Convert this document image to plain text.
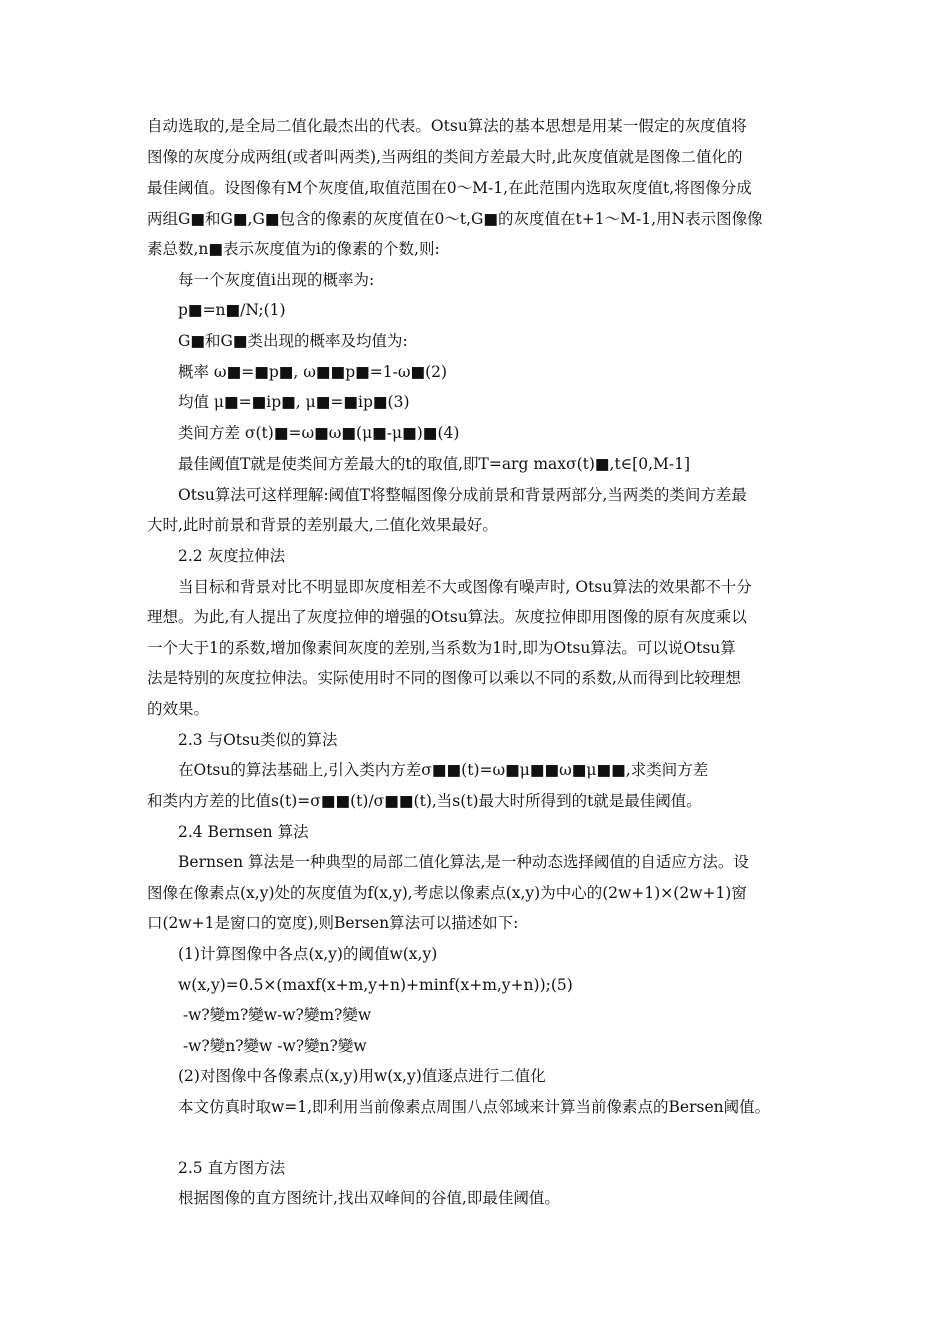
自动选取的,是全局二值化最杰出的代表。Otsu算法的基本思想是用某一假定的灰度值将
图像的灰度分成两组(或者叫两类),当两组的类间方差最大时,此灰度值就是图像二值化的
最佳阈值。设图像有M个灰度值,取值范围在0～M-1,在此范围内选取灰度值t,将图像分成
两组G■和G■,G■包含的像素的灰度值在0～t,G■的灰度值在t+1～M-1,用N表示图像像
素总数,n■表示灰度值为i的像素的个数,则:
每一个灰度值i出现的概率为:
p■=n■/N;(1)
G■和G■类出现的概率及均值为:
概率 ω■=■p■, ω■■p■=1-ω■(2)
均值 μ■=■ip■, μ■=■ip■(3)
类间方差 σ(t)■=ω■ω■(μ■-μ■)■(4)
最佳阈值T就是使类间方差最大的t的取值,即T=arg maxσ(t)■,t∈[0,M-1]
Otsu算法可这样理解:阈值T将整幅图像分成前景和背景两部分,当两类的类间方差最
大时,此时前景和背景的差别最大,二值化效果最好。
2.2 灰度拉伸法
当目标和背景对比不明显即灰度相差不大或图像有噪声时, Otsu算法的效果都不十分
理想。为此,有人提出了灰度拉伸的增强的Otsu算法。灰度拉伸即用图像的原有灰度乘以
一个大于1的系数,增加像素间灰度的差别,当系数为1时,即为Otsu算法。可以说Otsu算
法是特别的灰度拉伸法。实际使用时不同的图像可以乘以不同的系数,从而得到比较理想
的效果。
2.3 与Otsu类似的算法
在Otsu的算法基础上,引入类内方差σ■■(t)=ω■μ■■ω■μ■■,求类间方差
和类内方差的比值s(t)=σ■■(t)/σ■■(t),当s(t)最大时所得到的t就是最佳阈值。
2.4 Bernsen 算法
Bernsen 算法是一种典型的局部二值化算法,是一种动态选择阈值的自适应方法。设
图像在像素点(x,y)处的灰度值为f(x,y),考虑以像素点(x,y)为中心的(2w+1)×(2w+1)窗
口(2w+1是窗口的宽度),则Bersen算法可以描述如下:
(1)计算图像中各点(x,y)的阈值w(x,y)
w(x,y)=0.5×(maxf(x+m,y+n)+minf(x+m,y+n));(5)
-w?變m?變w-w?變m?變w
-w?變n?變w -w?變n?變w
(2)对图像中各像素点(x,y)用w(x,y)值逐点进行二值化
本文仿真时取w=1,即利用当前像素点周围八点邻域来计算当前像素点的Bersen阈值。
2.5 直方图方法
根据图像的直方图统计,找出双峰间的谷值,即最佳阈值。
